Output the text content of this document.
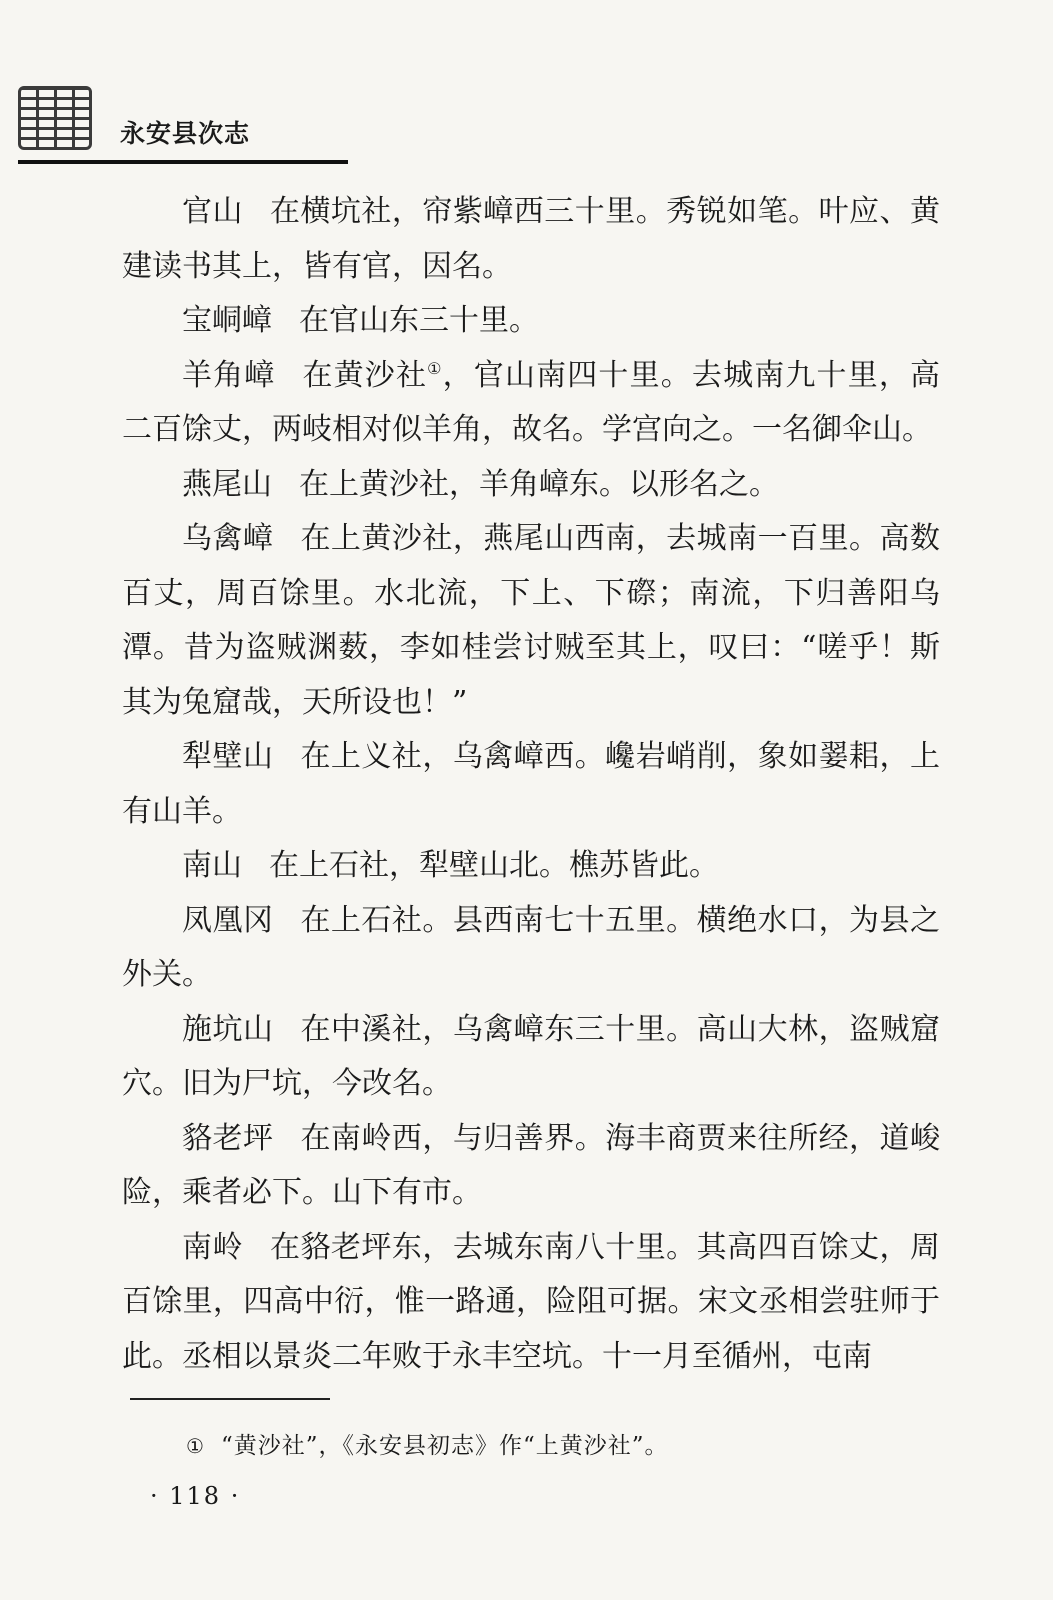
永安县次志

官山 在横坑社，帘紫嶂西三十里。秀锐如笔。叶应、黄建读书其上，皆有官，因名。

宝峒嶂 在官山东三十里。

羊角嶂 在黄沙社①，官山南四十里。去城南九十里，高二百馀丈，两岐相对似羊角，故名。学宫向之。一名御伞山。

燕尾山 在上黄沙社，羊角嶂东。以形名之。

乌禽嶂 在上黄沙社，燕尾山西南，去城南一百里。高数百丈，周百馀里。水北流，下上、下磜；南流，下归善阳乌潭。昔为盗贼渊薮，李如桂尝讨贼至其上，叹曰：“嗟乎！斯其为兔窟哉，天所设也！”

犁壁山 在上义社，乌禽嶂西。巉岩峭削，象如翣耜，上有山羊。

南山 在上石社，犁壁山北。樵苏皆此。

凤凰冈 在上石社。县西南七十五里。横绝水口，为县之外关。

施坑山 在中溪社，乌禽嶂东三十里。高山大林，盗贼窟穴。旧为尸坑，今改名。

貉老坪 在南岭西，与归善界。海丰商贾来往所经，道峻险，乘者必下。山下有市。

南岭 在貉老坪东，去城东南八十里。其高四百馀丈，周百馀里，四高中衍，惟一路通，险阻可据。宋文丞相尝驻师于此。丞相以景炎二年败于永丰空坑。十一月至循州，屯南

① “黄沙社”，《永安县初志》作“上黄沙社”。
· 118 ·
